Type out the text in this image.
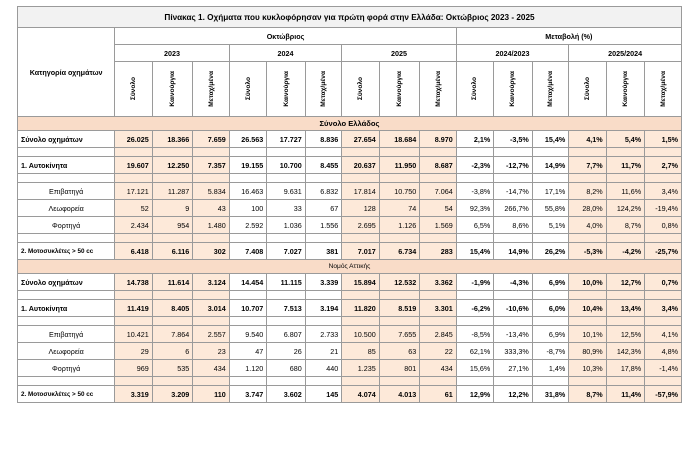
Πίνακας 1. Οχήματα που κυκλοφόρησαν για πρώτη φορά στην Ελλάδα: Οκτώβριος 2023 - 2025															
Κατηγορία οχημάτων	Οκτώβριος									Μεταβολή (%)					
	2023			2024			2025			2024/2023			2025/2024		

	Σύνολο	Καινούργια	Μεταχ/μένα	Σύνολο	Καινούργια	Μεταχ/μένα	Σύνολο	Καινούργια	Μεταχ/μένα	Σύνολο	Καινούργια	Μεταχ/μένα	Σύνολο	Καινούργια	Μεταχ/μένα

Σύνολο Ελλάδος															
Σύνολο οχημάτων	26.025	18.366	7.659	26.563	17.727	8.836	27.654	18.684	8.970	2,1%	-3,5%	15,4%	4,1%	5,4%	1,5%

1. Αυτοκίνητα	19.607	12.250	7.357	19.155	10.700	8.455	20.637	11.950	8.687	-2,3%	-12,7%	14,9%	7,7%	11,7%	2,7%

Επιβατηγά	17.121	11.287	5.834	16.463	9.631	6.832	17.814	10.750	7.064	-3,8%	-14,7%	17,1%	8,2%	11,6%	3,4%
Λεωφορεία	52	9	43	100	33	67	128	74	54	92,3%	266,7%	55,8%	28,0%	124,2%	-19,4%
Φορτηγά	2.434	954	1.480	2.592	1.036	1.556	2.695	1.126	1.569	6,5%	8,6%	5,1%	4,0%	8,7%	0,8%

2. Μοτοσυκλέτες > 50 cc	6.418	6.116	302	7.408	7.027	381	7.017	6.734	283	15,4%	14,9%	26,2%	-5,3%	-4,2%	-25,7%
Νομός Αττικής															
Σύνολο οχημάτων	14.738	11.614	3.124	14.454	11.115	3.339	15.894	12.532	3.362	-1,9%	-4,3%	6,9%	10,0%	12,7%	0,7%

1. Αυτοκίνητα	11.419	8.405	3.014	10.707	7.513	3.194	11.820	8.519	3.301	-6,2%	-10,6%	6,0%	10,4%	13,4%	3,4%

Επιβατηγά	10.421	7.864	2.557	9.540	6.807	2.733	10.500	7.655	2.845	-8,5%	-13,4%	6,9%	10,1%	12,5%	4,1%
Λεωφορεία	29	6	23	47	26	21	85	63	22	62,1%	333,3%	-8,7%	80,9%	142,3%	4,8%
Φορτηγά	969	535	434	1.120	680	440	1.235	801	434	15,6%	27,1%	1,4%	10,3%	17,8%	-1,4%

2. Μοτοσυκλέτες > 50 cc	3.319	3.209	110	3.747	3.602	145	4.074	4.013	61	12,9%	12,2%	31,8%	8,7%	11,4%	-57,9%
